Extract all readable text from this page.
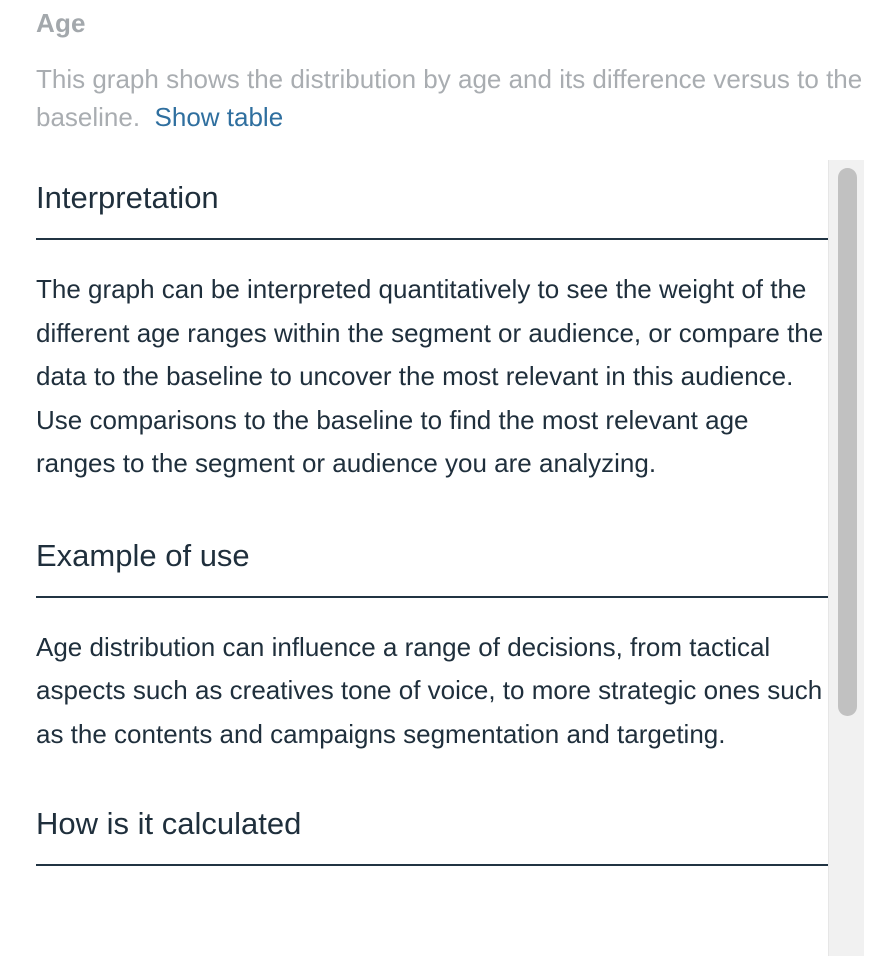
Age
This graph shows the distribution by age and its difference versus to the baseline. Show table
Interpretation

The graph can be interpreted quantitatively to see the weight of the different age ranges within the segment or audience, or compare the data to the baseline to uncover the most relevant in this audience. Use comparisons to the baseline to find the most relevant age ranges to the segment or audience you are analyzing.

Example of use

Age distribution can influence a range of decisions, from tactical aspects such as creatives tone of voice, to more strategic ones such as the contents and campaigns segmentation and targeting.

How is it calculated
